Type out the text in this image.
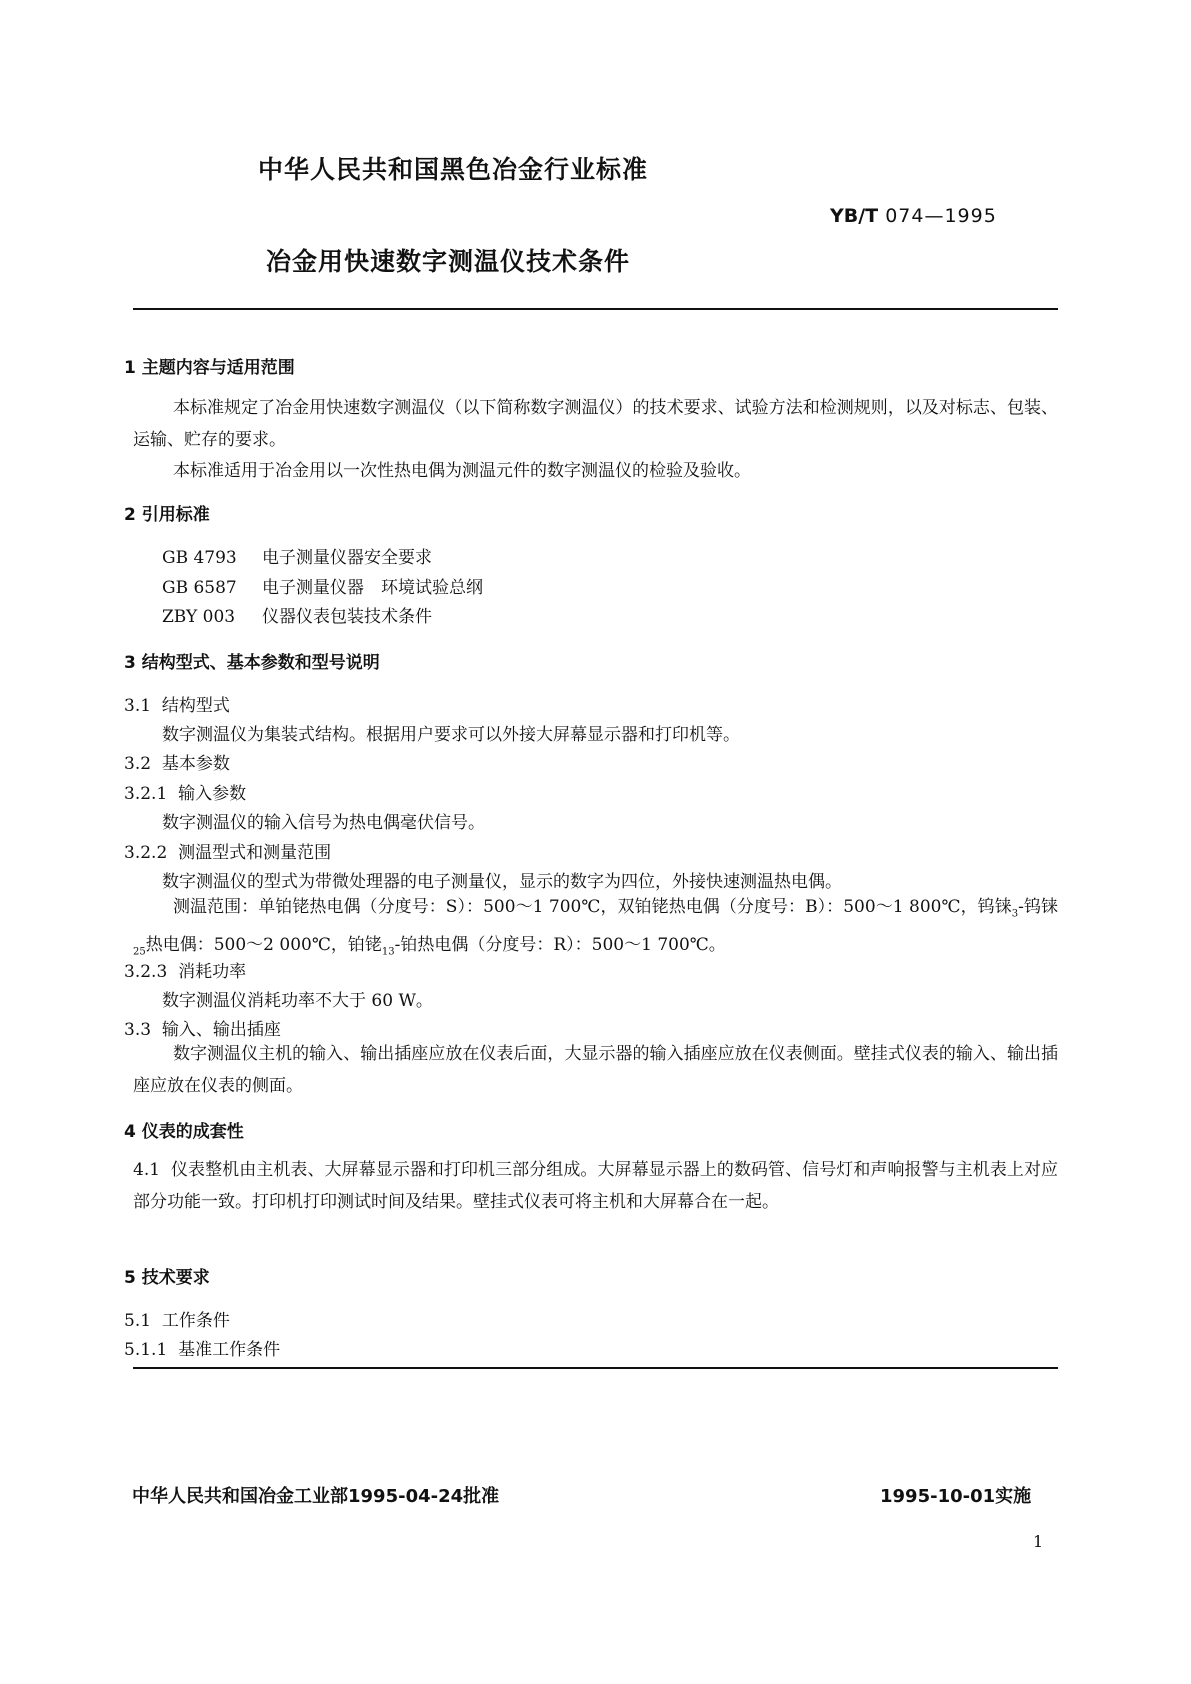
中华人民共和国黑色冶金行业标准
YB/T 074—1995
冶金用快速数字测温仪技术条件
1 主题内容与适用范围
本标准规定了冶金用快速数字测温仪（以下简称数字测温仪）的技术要求、试验方法和检测规则，以及对标志、包装、运输、贮存的要求。
本标准适用于冶金用以一次性热电偶为测温元件的数字测温仪的检验及验收。
2 引用标准
GB 4793 电子测量仪器安全要求
GB 6587 电子测量仪器　环境试验总纲
ZBY 003 仪器仪表包装技术条件
3 结构型式、基本参数和型号说明
3.1 结构型式
数字测温仪为集装式结构。根据用户要求可以外接大屏幕显示器和打印机等。
3.2 基本参数
3.2.1 输入参数
数字测温仪的输入信号为热电偶毫伏信号。
3.2.2 测温型式和测量范围
数字测温仪的型式为带微处理器的电子测量仪，显示的数字为四位，外接快速测温热电偶。
测温范围：单铂铑热电偶（分度号：S）：500～1 700℃，双铂铑热电偶（分度号：B）：500～1 800℃，钨铼$_3$-钨铼$_{25}$热电偶：500～2 000℃，铂铑$_{13}$-铂热电偶（分度号：R）：500～1 700℃。
3.2.3 消耗功率
数字测温仪消耗功率不大于 60 W。
3.3 输入、输出插座
数字测温仪主机的输入、输出插座应放在仪表后面，大显示器的输入插座应放在仪表侧面。壁挂式仪表的输入、输出插座应放在仪表的侧面。
4 仪表的成套性
4.1 仪表整机由主机表、大屏幕显示器和打印机三部分组成。大屏幕显示器上的数码管、信号灯和声响报警与主机表上对应部分功能一致。打印机打印测试时间及结果。壁挂式仪表可将主机和大屏幕合在一起。
5 技术要求
5.1 工作条件
5.1.1 基准工作条件
中华人民共和国冶金工业部1995-04-24批准	1995-10-01实施
1
